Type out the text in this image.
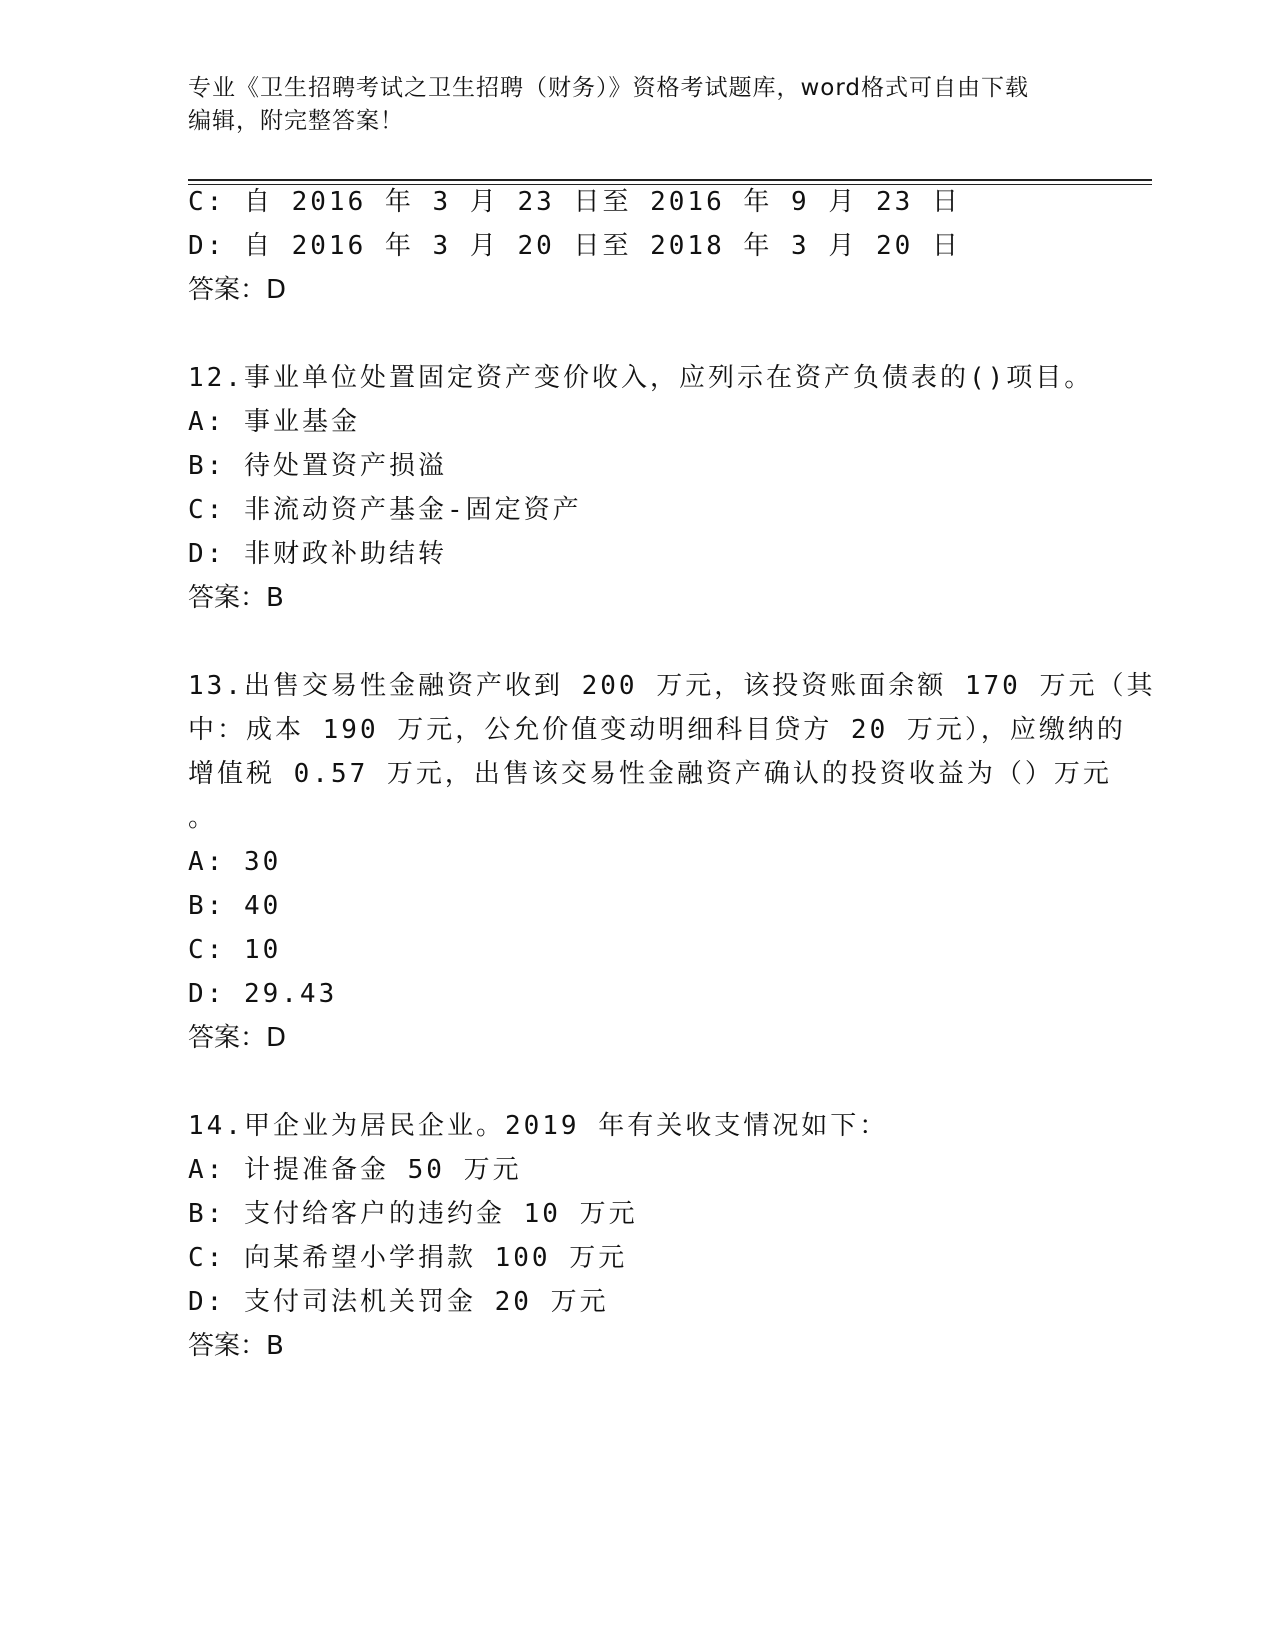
专业《卫生招聘考试之卫生招聘（财务）》资格考试题库，word格式可自由下载
编辑，附完整答案！
C: 自 2016 年 3 月 23 日至 2016 年 9 月 23 日
D: 自 2016 年 3 月 20 日至 2018 年 3 月 20 日
答案：D
12.事业单位处置固定资产变价收入，应列示在资产负债表的()项目。
A: 事业基金
B: 待处置资产损溢
C: 非流动资产基金-固定资产
D: 非财政补助结转
答案：B
13.出售交易性金融资产收到 200 万元，该投资账面余额 170 万元（其
中：成本 190 万元，公允价值变动明细科目贷方 20 万元），应缴纳的
增值税 0.57 万元，出售该交易性金融资产确认的投资收益为（）万元
。
A: 30
B: 40
C: 10
D: 29.43
答案：D
14.甲企业为居民企业。2019 年有关收支情况如下：
A: 计提准备金 50 万元
B: 支付给客户的违约金 10 万元
C: 向某希望小学捐款 100 万元
D: 支付司法机关罚金 20 万元
答案：B
